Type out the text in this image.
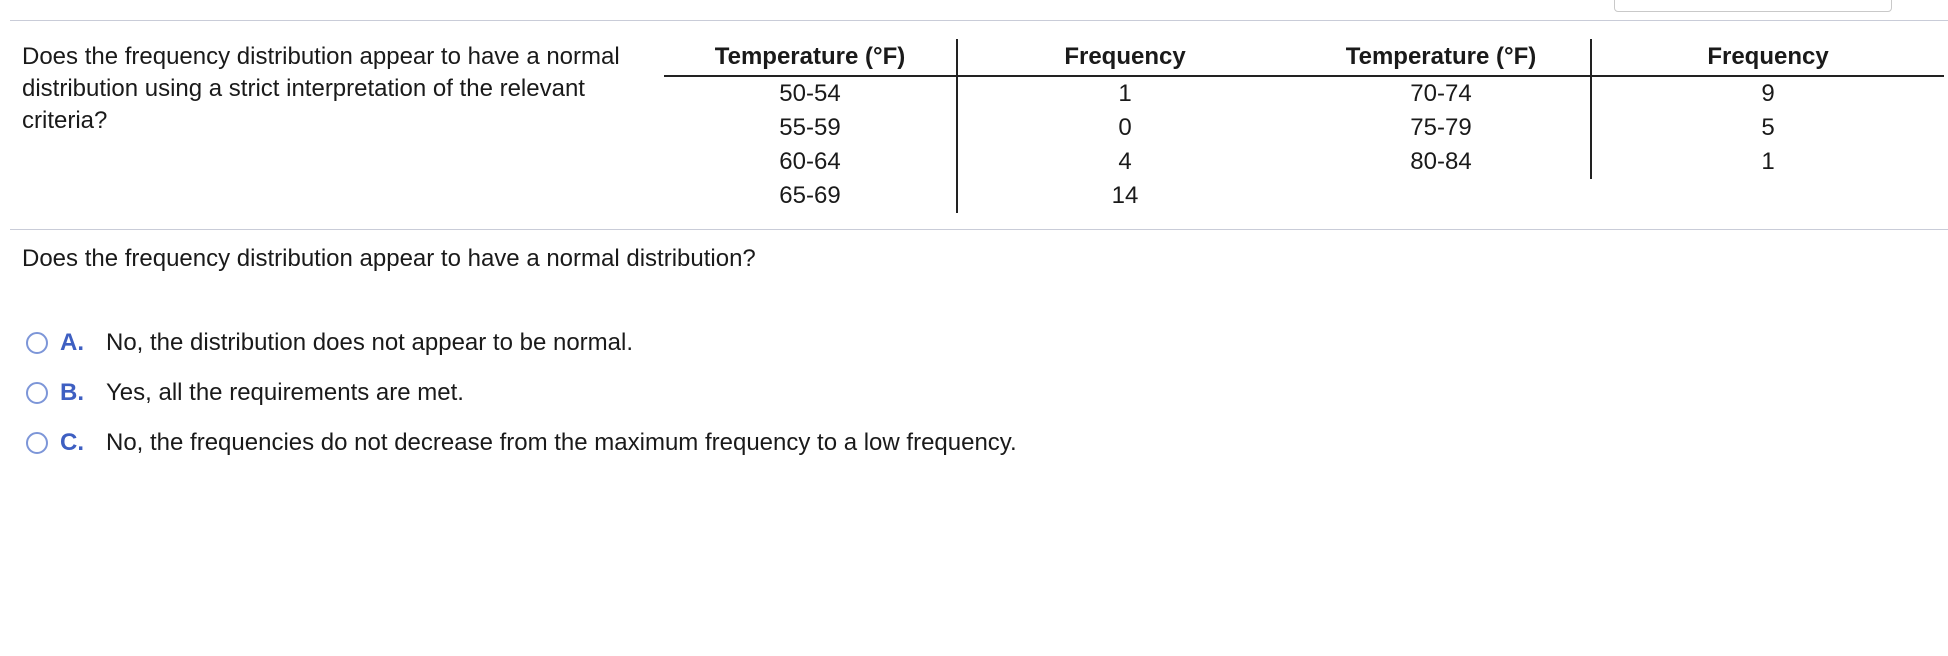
Does the frequency distribution appear to have a normal distribution using a strict interpretation of the relevant criteria?
Temperature (°F)	Frequency	Temperature (°F)	Frequency
50-54	1	70-74	9
55-59	0	75-79	5
60-64	4	80-84	1
65-69	14		
Does the frequency distribution appear to have a normal distribution?
A. No, the distribution does not appear to be normal.
B. Yes, all the requirements are met.
C. No, the frequencies do not decrease from the maximum frequency to a low frequency.
